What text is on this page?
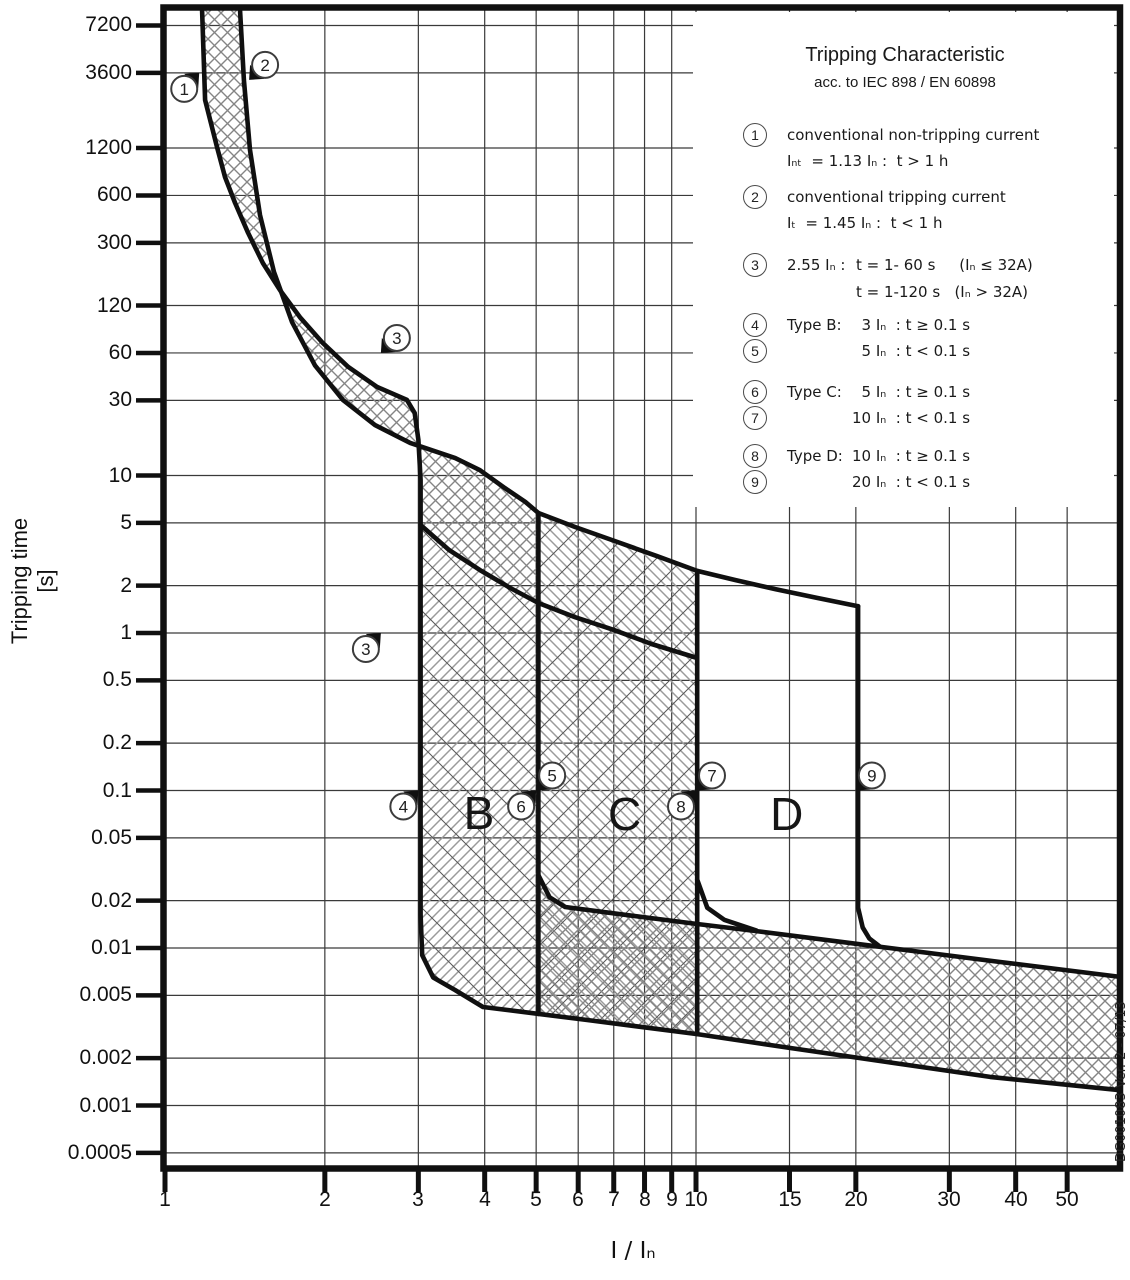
1
2
3
3
4
5
6
7
8
9
Tripping time [s]
I / Iₙ
DG001083 Ver. 2 - 07/13
7200
3600
1200
600
300
120
60
30
10
5
2
1
0.5
0.2
0.1
0.05
0.02
0.01
0.005
0.002
0.001
0.0005
1	2	3	4	5	6	7 8 9 10	15	20	30	40	50
Tripping Characteristic
acc. to IEC 898 / EN 60898
1	conventional non-tripping current
Iₙₜ  = 1.13 Iₙ :  t > 1 h
2	conventional tripping current
Iₜ  = 1.45 Iₙ :  t < 1 h
3	2.55 Iₙ : t = 1- 60 s     (Iₙ ≤ 32A)
t = 1-120 s   (Iₙ > 32A)
4	Type B: 3 Iₙ  : t ≥ 0.1 s
5	5 Iₙ  : t < 0.1 s
6	Type C: 5 Iₙ  : t ≥ 0.1 s
7	10 Iₙ  : t < 0.1 s
8	Type D: 10 Iₙ  : t ≥ 0.1 s
9	20 Iₙ  : t < 0.1 s
B C	D
